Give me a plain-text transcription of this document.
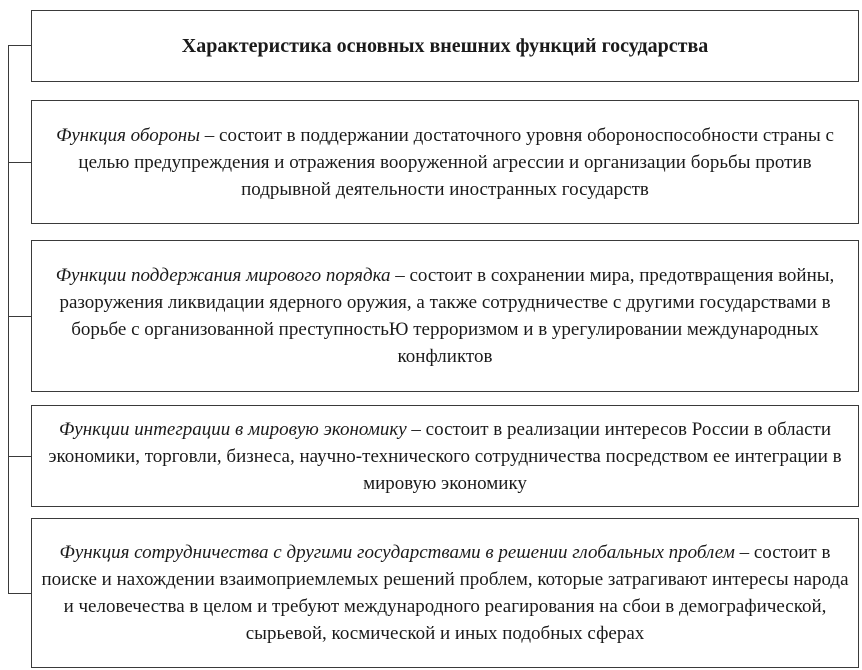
Характеристика основных внешних функций государства
Функция обороны – состоит в поддержании достаточного уровня обороноспособности страны с целью предупреждения и отражения вооруженной агрессии и организации борьбы против подрывной деятельности иностранных государств
Функции поддержания мирового порядка – состоит в сохранении мира, предотвращения войны, разоружения ликвидации ядерного оружия, а также сотрудничестве с другими государствами в борьбе с организованной преступностьЮ терроризмом и в урегулировании международных конфликтов
Функции интеграции в мировую экономику – состоит в реализации интересов России в области экономики, торговли, бизнеса, научно-технического сотрудничества посредством ее интеграции в мировую экономику
Функция сотрудничества с другими государствами в решении глобальных проблем – состоит в поиске и нахождении взаимоприемлемых решений проблем, которые затрагивают интересы народа и человечества в целом и требуют международного реагирования на сбои в демографической, сырьевой, космической и иных подобных сферах
